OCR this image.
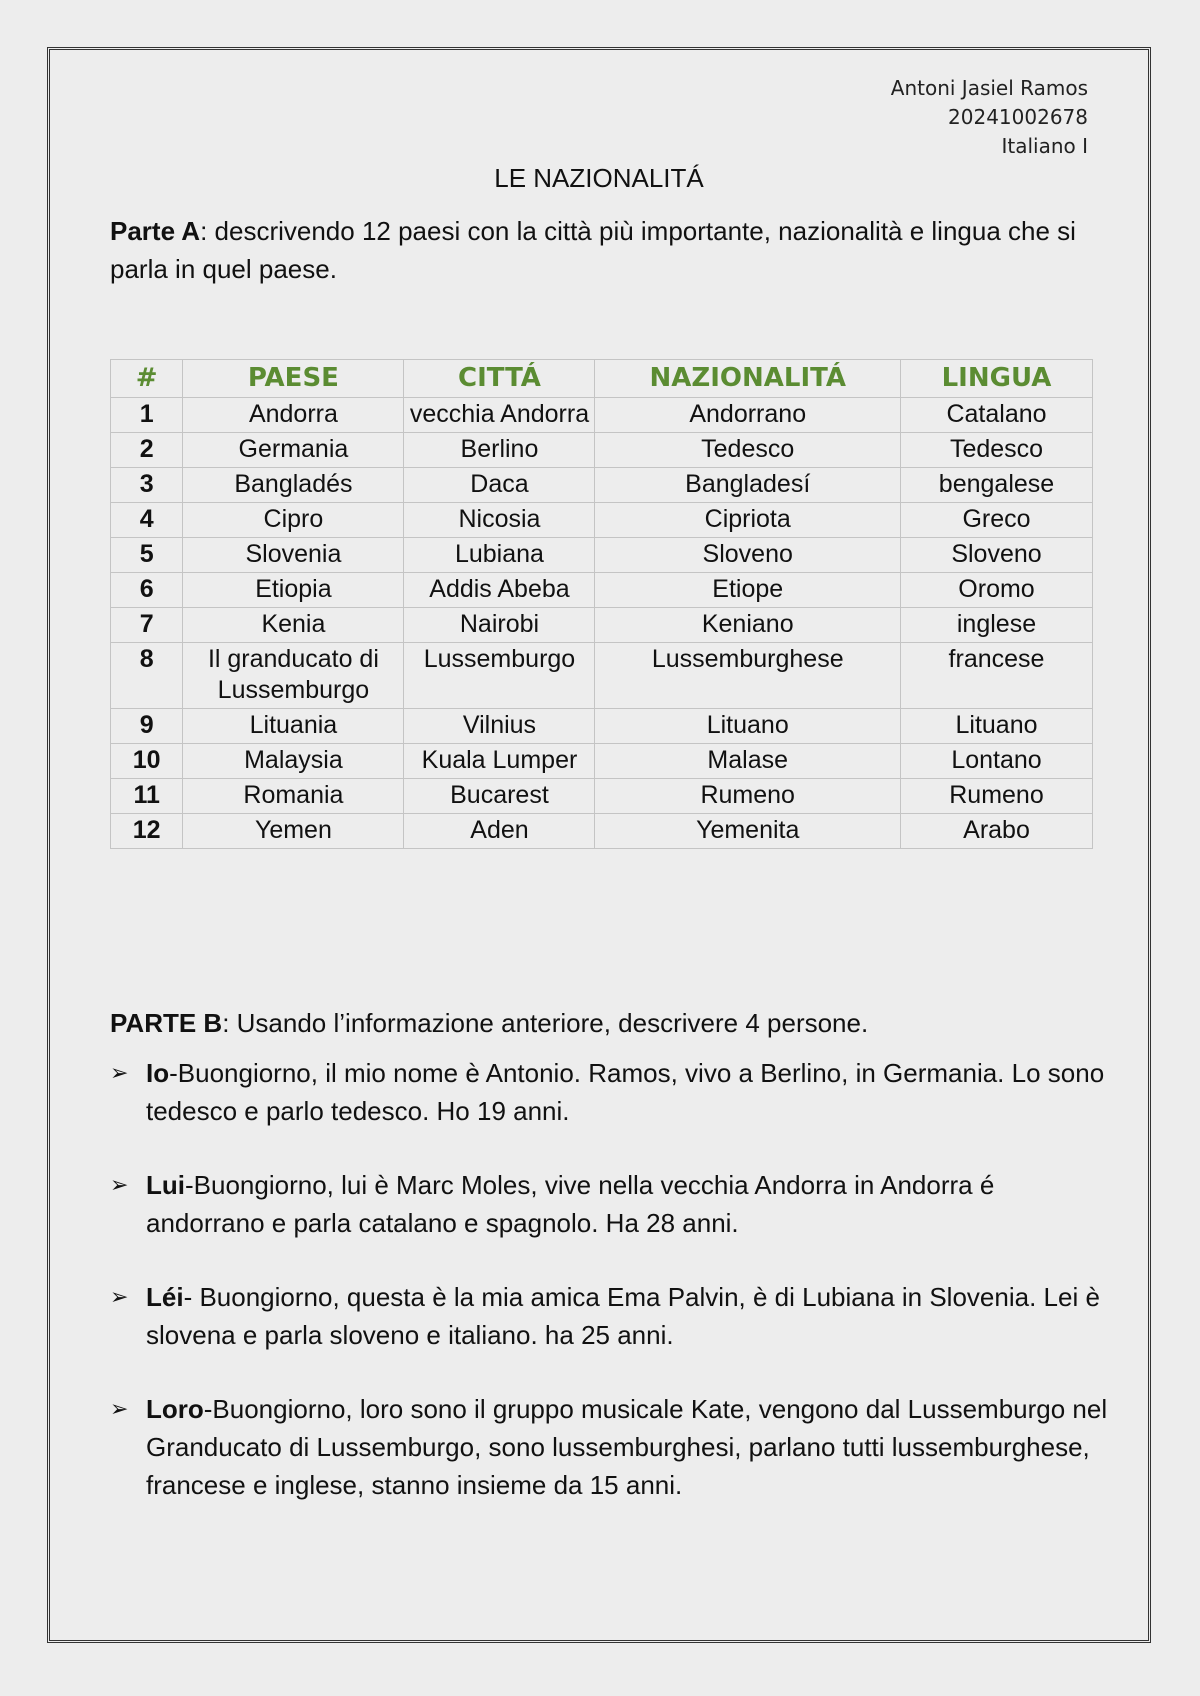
Antoni Jasiel Ramos
20241002678
Italiano I
LE NAZIONALITÁ
Parte A: descrivendo 12 paesi con la città più importante, nazionalità e lingua che si parla in quel paese.
#	PAESE	CITTÁ	NAZIONALITÁ	LINGUA
1	Andorra	vecchia Andorra	Andorrano	Catalano
2	Germania	Berlino	Tedesco	Tedesco
3	Bangladés	Daca	Bangladesí	bengalese
4	Cipro	Nicosia	Cipriota	Greco
5	Slovenia	Lubiana	Sloveno	Sloveno
6	Etiopia	Addis Abeba	Etiope	Oromo
7	Kenia	Nairobi	Keniano	inglese
8	Il granducato di Lussemburgo	Lussemburgo	Lussemburghese	francese
9	Lituania	Vilnius	Lituano	Lituano
10	Malaysia	Kuala Lumper	Malase	Lontano
11	Romania	Bucarest	Rumeno	Rumeno
12	Yemen	Aden	Yemenita	Arabo
PARTE B: Usando l’informazione anteriore, descrivere 4 persone.
➢ Io-Buongiorno, il mio nome è Antonio. Ramos, vivo a Berlino, in Germania. Lo sono tedesco e parlo tedesco. Ho 19 anni.
➢ Lui-Buongiorno, lui è Marc Moles, vive nella vecchia Andorra in Andorra é andorrano e parla catalano e spagnolo. Ha 28 anni.
➢ Léi- Buongiorno, questa è la mia amica Ema Palvin, è di Lubiana in Slovenia. Lei è slovena e parla sloveno e italiano. ha 25 anni.
➢ Loro-Buongiorno, loro sono il gruppo musicale Kate, vengono dal Lussemburgo nel Granducato di Lussemburgo, sono lussemburghesi, parlano tutti lussemburghese, francese e inglese, stanno insieme da 15 anni.
